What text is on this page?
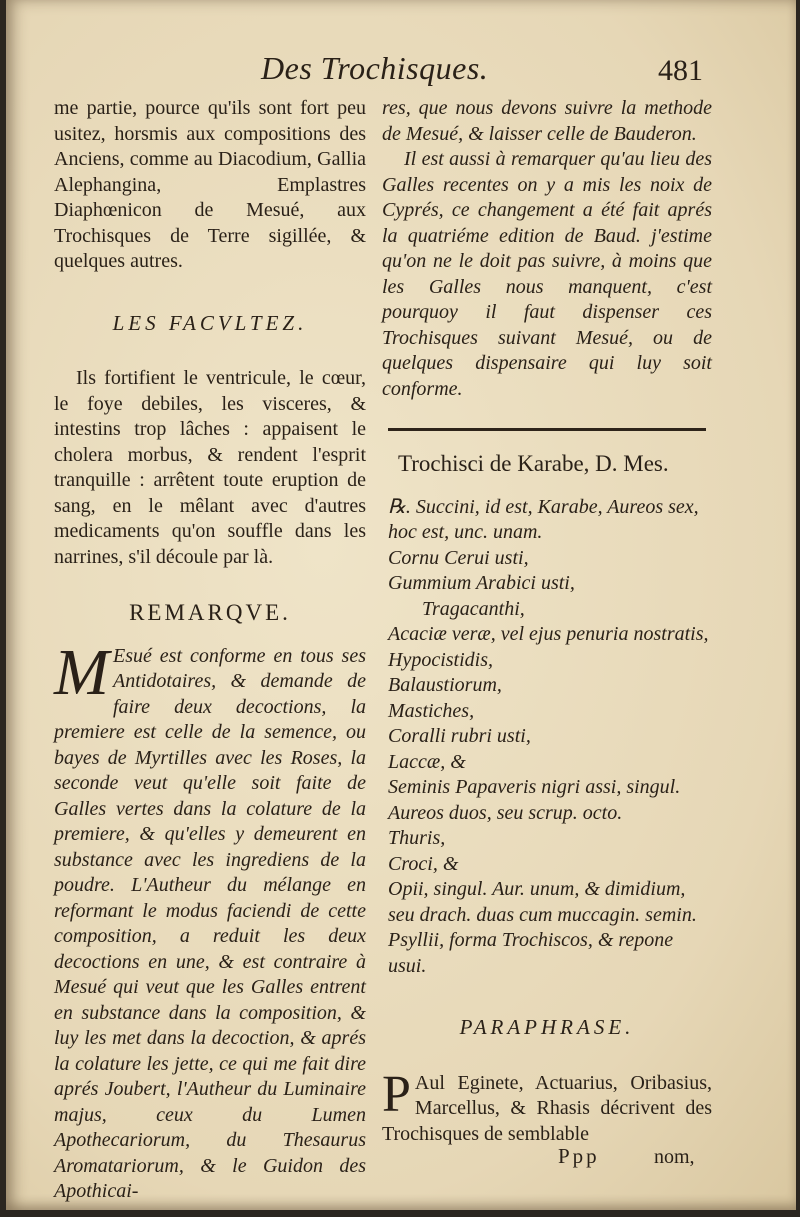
Des Trochisques.	481

me partie, pource qu'ils sont fort peu usitez, horsmis aux compositions des Anciens, comme au Diacodium, Gallia Alephangina, Emplastres Diaphœnicon de Mesué, aux Trochisques de Terre sigillée, & quelques autres.

LES FACVLTEZ.

Ils fortifient le ventricule, le cœur, le foye debiles, les visceres, & intestins trop lâches : appaisent le cholera morbus, & rendent l'esprit tranquille : arrêtent toute eruption de sang, en le mêlant avec d'autres medicaments qu'on souffle dans les narrines, s'il découle par là.

REMARQVE.

M Esué est conforme en tous ses Antidotaires, & demande de faire deux decoctions, la premiere est celle de la semence, ou bayes de Myrtilles avec les Roses, la seconde veut qu'elle soit faite de Galles vertes dans la colature de la premiere, & qu'elles y demeurent en substance avec les ingrediens de la poudre. L'Autheur du mélange en reformant le modus faciendi de cette composition, a reduit les deux decoctions en une, & est contraire à Mesué qui veut que les Galles entrent en substance dans la composition, & luy les met dans la decoction, & aprés la colature les jette, ce qui me fait dire aprés Joubert, l'Autheur du Luminaire majus, ceux du Lumen Apothecariorum, du Thesaurus Aromatariorum, & le Guidon des Apothicai-

res, que nous devons suivre la methode de Mesué, & laisser celle de Bauderon.

Il est aussi à remarquer qu'au lieu des Galles recentes on y a mis les noix de Cyprés, ce changement a été fait aprés la quatriéme edition de Baud. j'estime qu'on ne le doit pas suivre, à moins que les Galles nous manquent, c'est pourquoy il faut dispenser ces Trochisques suivant Mesué, ou de quelques dispensaire qui luy soit conforme.

Trochisci de Karabe, D. Mes.

℞. Succini, id est, Karabe, Aureos sex, hoc est, unc. unam.

Cornu Cerui usti,

Gummium Arabici usti,

Tragacanthi,

Acaciæ veræ, vel ejus penuria nostratis,

Hypocistidis,

Balaustiorum,

Mastiches,

Coralli rubri usti,

Laccæ, &

Seminis Papaveris nigri assi, singul. Aureos duos, seu scrup. octo.

Thuris,

Croci, &

Opii, singul. Aur. unum, & dimidium, seu drach. duas cum muccagin. semin. Psyllii, forma Trochiscos, & repone usui.

PARAPHRASE.

P Aul Eginete, Actuarius, Oribasius, Marcellus, & Rhasis décrivent des Trochisques de semblable

Ppp	nom,
